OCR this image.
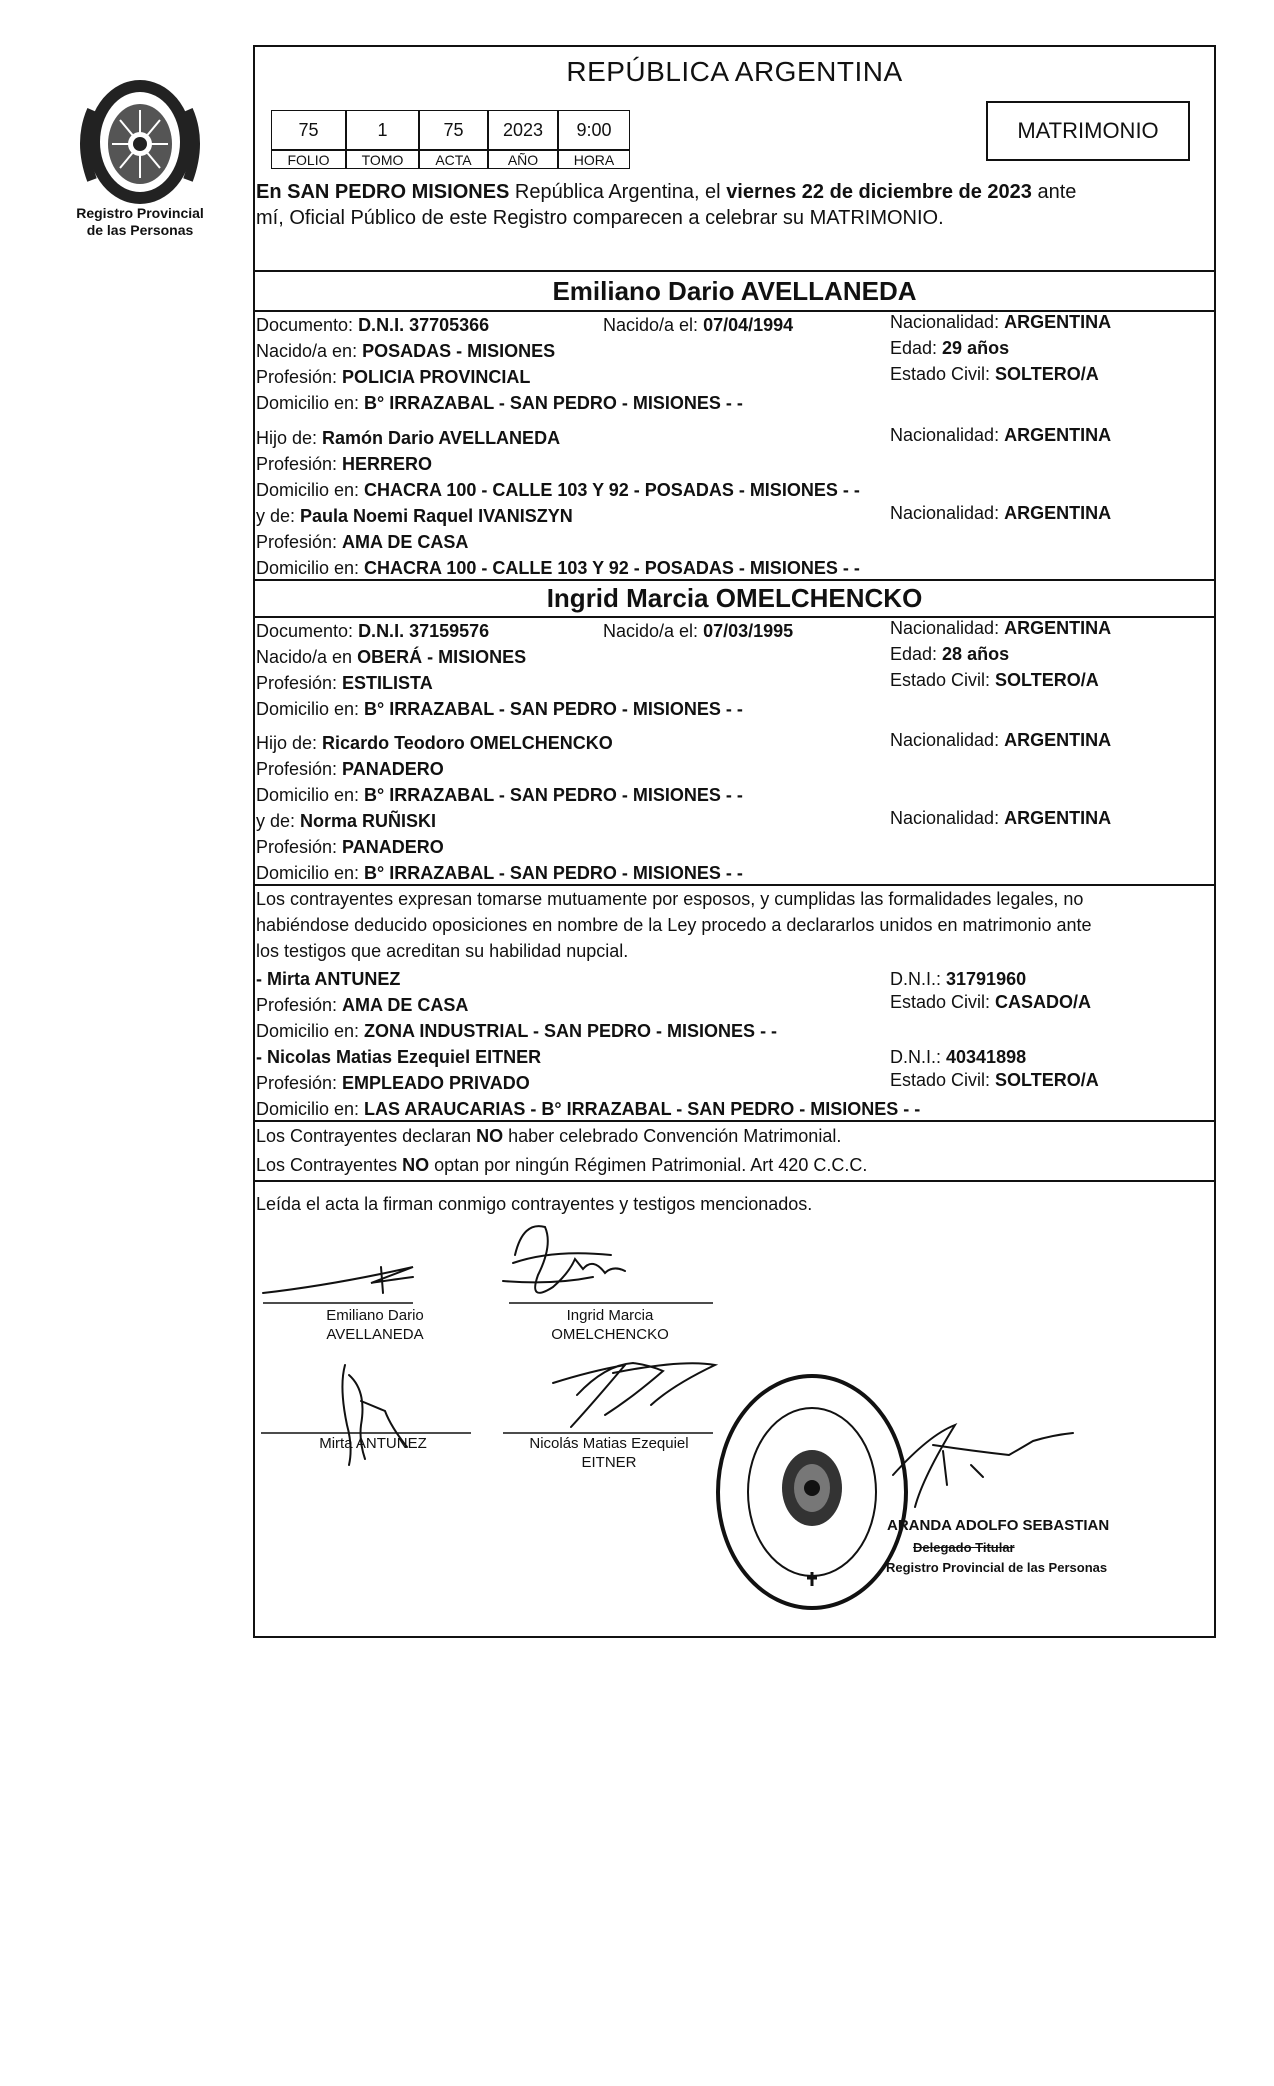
Registro Provincial
de las Personas
REPÚBLICA ARGENTINA
75	1	75	2023	9:00
FOLIO	TOMO	ACTA	AÑO	HORA
MATRIMONIO
En SAN PEDRO MISIONES República Argentina, el viernes 22 de diciembre de 2023 ante
mí, Oficial Público de este Registro comparecen a celebrar su MATRIMONIO.
Emiliano Dario AVELLANEDA
Documento: D.N.I. 37705366	Nacido/a el: 07/04/1994	Nacionalidad: ARGENTINA
Nacido/a en: POSADAS - MISIONES	Edad: 29 años
Profesión: POLICIA PROVINCIAL	Estado Civil: SOLTERO/A
Domicilio en: B° IRRAZABAL - SAN PEDRO - MISIONES - -
Hijo de: Ramón Dario AVELLANEDA	Nacionalidad: ARGENTINA
Profesión: HERRERO
Domicilio en: CHACRA 100 - CALLE 103 Y 92 - POSADAS - MISIONES - -
y de: Paula Noemi Raquel IVANISZYN	Nacionalidad: ARGENTINA
Profesión: AMA DE CASA
Domicilio en: CHACRA 100 - CALLE 103 Y 92 - POSADAS - MISIONES - -
Ingrid Marcia OMELCHENCKO
Documento: D.N.I. 37159576	Nacido/a el: 07/03/1995	Nacionalidad: ARGENTINA
Nacido/a en OBERÁ - MISIONES	Edad: 28 años
Profesión: ESTILISTA	Estado Civil: SOLTERO/A
Domicilio en: B° IRRAZABAL - SAN PEDRO - MISIONES - -
Hijo de: Ricardo Teodoro OMELCHENCKO	Nacionalidad: ARGENTINA
Profesión: PANADERO
Domicilio en: B° IRRAZABAL - SAN PEDRO - MISIONES - -
y de: Norma RUÑISKI	Nacionalidad: ARGENTINA
Profesión: PANADERO
Domicilio en: B° IRRAZABAL - SAN PEDRO - MISIONES - -
Los contrayentes expresan tomarse mutuamente por esposos, y cumplidas las formalidades legales, no
habiéndose deducido oposiciones en nombre de la Ley procedo a declararlos unidos en matrimonio ante
los testigos que acreditan su habilidad nupcial.
- Mirta ANTUNEZ	D.N.I.: 31791960
Profesión: AMA DE CASA	Estado Civil: CASADO/A
Domicilio en: ZONA INDUSTRIAL - SAN PEDRO - MISIONES - -
- Nicolas Matias Ezequiel EITNER	D.N.I.: 40341898
Profesión: EMPLEADO PRIVADO	Estado Civil: SOLTERO/A
Domicilio en: LAS ARAUCARIAS - B° IRRAZABAL - SAN PEDRO - MISIONES - -
Los Contrayentes declaran NO haber celebrado Convención Matrimonial.
Los Contrayentes NO optan por ningún Régimen Patrimonial. Art 420 C.C.C.
Leída el acta la firman conmigo contrayentes y testigos mencionados.
Emiliano Dario
AVELLANEDA
Ingrid Marcia
OMELCHENCKO
Mirta ANTUNEZ	Nicolás Matias Ezequiel
EITNER
ARANDA ADOLFO SEBASTIAN
Delegado Titular
Registro Provincial de las Personas
